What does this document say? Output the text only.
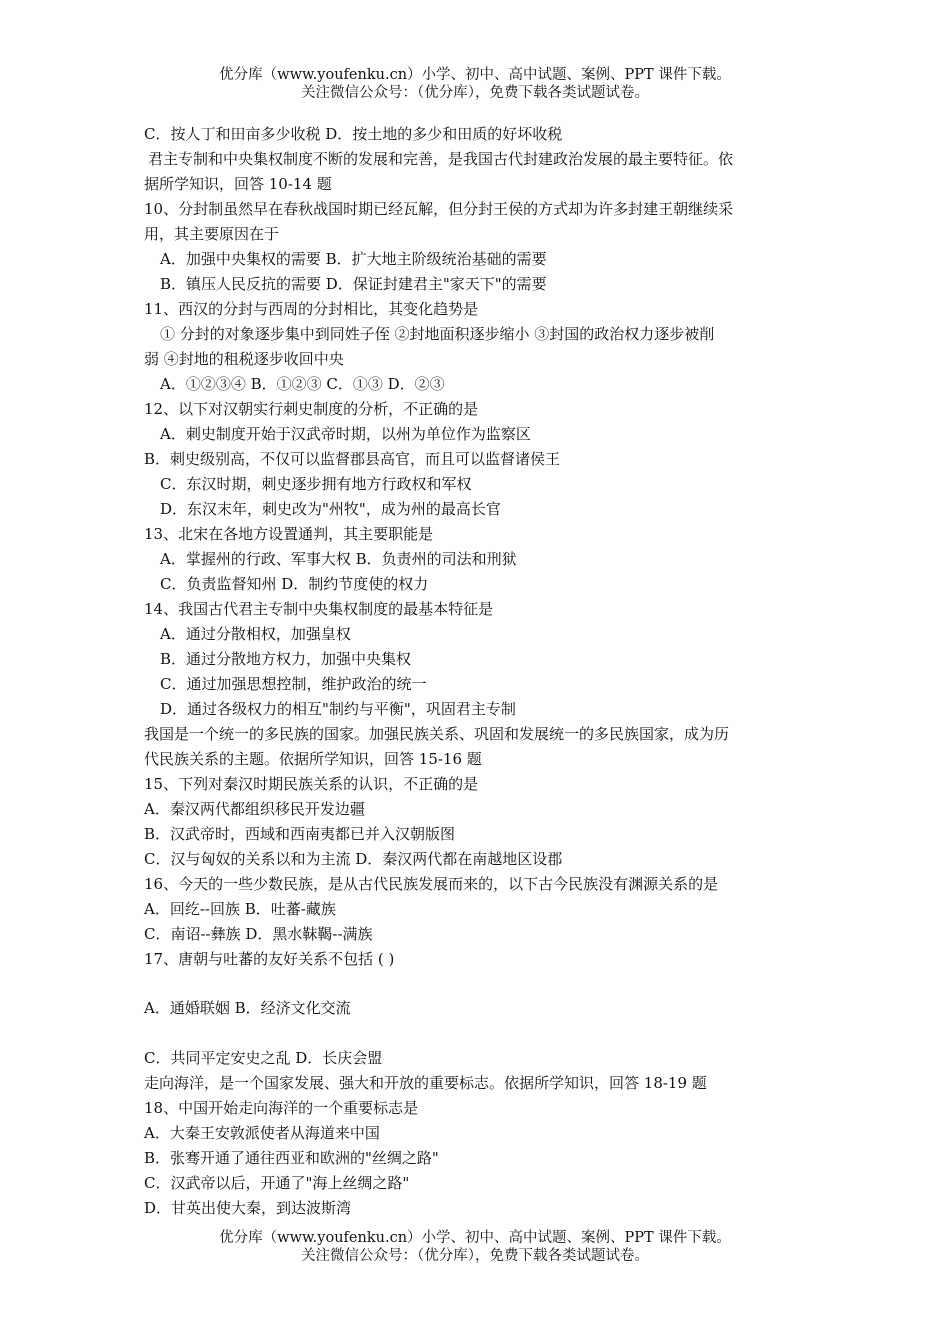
优分库（www.youfenku.cn）小学、初中、高中试题、案例、PPT 课件下载。
关注微信公众号：（优分库），免费下载各类试题试卷。
C．按人丁和田亩多少收税 D．按土地的多少和田质的好坏收税
君主专制和中央集权制度不断的发展和完善，是我国古代封建政治发展的最主要特征。依
据所学知识，回答 10-14 题
10、分封制虽然早在春秋战国时期已经瓦解，但分封王侯的方式却为许多封建王朝继续采
用，其主要原因在于
A．加强中央集权的需要 B．扩大地主阶级统治基础的需要
B．镇压人民反抗的需要 D．保证封建君主"家天下"的需要
11、西汉的分封与西周的分封相比，其变化趋势是
① 分封的对象逐步集中到同姓子侄 ②封地面积逐步缩小 ③封国的政治权力逐步被削
弱 ④封地的租税逐步收回中央
A．①②③④ B．①②③ C．①③ D．②③
12、以下对汉朝实行刺史制度的分析，不正确的是
A．刺史制度开始于汉武帝时期，以州为单位作为监察区
B．刺史级别高，不仅可以监督郡县高官，而且可以监督诸侯王
C．东汉时期，刺史逐步拥有地方行政权和军权
D．东汉末年，刺史改为"州牧"，成为州的最高长官
13、北宋在各地方设置通判，其主要职能是
A．掌握州的行政、军事大权 B．负责州的司法和刑狱
C．负责监督知州 D．制约节度使的权力
14、我国古代君主专制中央集权制度的最基本特征是
A．通过分散相权，加强皇权
B．通过分散地方权力，加强中央集权
C．通过加强思想控制，维护政治的统一
D．通过各级权力的相互"制约与平衡"，巩固君主专制
我国是一个统一的多民族的国家。加强民族关系、巩固和发展统一的多民族国家，成为历
代民族关系的主题。依据所学知识，回答 15-16 题
15、下列对秦汉时期民族关系的认识，不正确的是
A．秦汉两代都组织移民开发边疆
B．汉武帝时，西域和西南夷都已并入汉朝版图
C．汉与匈奴的关系以和为主流 D．秦汉两代都在南越地区设郡
16、今天的一些少数民族，是从古代民族发展而来的，以下古今民族没有渊源关系的是
A．回纥--回族 B．吐蕃-藏族
C．南诏--彝族 D．黑水靺鞨--满族
17、唐朝与吐蕃的友好关系不包括 ( )
A．通婚联姻 B．经济文化交流
C．共同平定安史之乱 D．长庆会盟
走向海洋，是一个国家发展、强大和开放的重要标志。依据所学知识，回答 18-19 题
18、中国开始走向海洋的一个重要标志是
A．大秦王安敦派使者从海道来中国
B．张骞开通了通往西亚和欧洲的"丝绸之路"
C．汉武帝以后，开通了"海上丝绸之路"
D．甘英出使大秦，到达波斯湾
优分库（www.youfenku.cn）小学、初中、高中试题、案例、PPT 课件下载。
关注微信公众号：（优分库），免费下载各类试题试卷。
